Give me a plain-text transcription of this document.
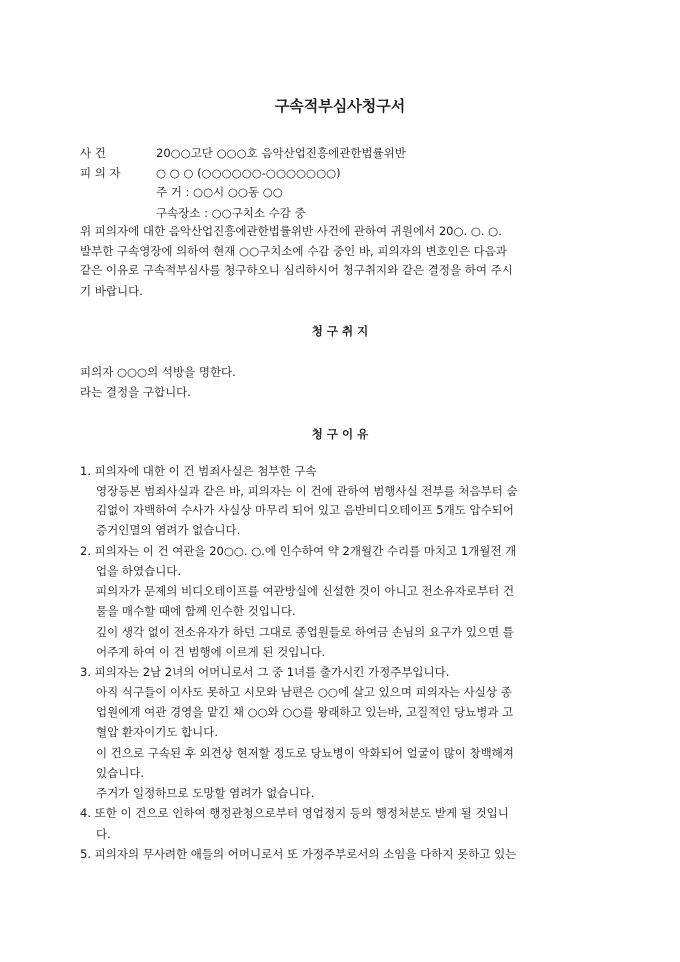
구속적부심사청구서
사 건	20○○고단 ○○○호 음악산업진흥에관한법률위반
피 의 자	○ ○ ○ (○○○○○○-○○○○○○○)
주 거 : ○○시 ○○동 ○○
구속장소 : ○○구치소 수감 중
위 피의자에 대한 음악산업진흥에관한법률위반 사건에 관하여 귀원에서 20○. ○. ○.
발부한 구속영장에 의하여 현재 ○○구치소에 수감 중인 바, 피의자의 변호인은 다음과
같은 이유로 구속적부심사를 청구하오니 심리하시어 청구취지와 같은 결정을 하여 주시
기 바랍니다.
청 구 취 지
피의자 ○○○의 석방을 명한다.
라는 결정을 구합니다.
청 구 이 유
1. 피의자에 대한 이 건 범죄사실은 첨부한 구속
영장등본 범죄사실과 같은 바, 피의자는 이 건에 관하여 범행사실 전부를 처음부터 숨
김없이 자백하여 수사가 사실상 마무리 되어 있고 음반비디오테이프 5개도 압수되어
증거인멸의 염려가 없습니다.
2. 피의자는 이 건 여관을 20○○. ○.에 인수하여 약 2개월간 수리를 마치고 1개월전 개
업을 하였습니다.
피의자가 문제의 비디오테이프를 여관방실에 신설한 것이 아니고 전소유자로부터 건
물을 매수할 때에 함께 인수한 것입니다.
깊이 생각 없이 전소유자가 하던 그대로 종업원들로 하여금 손님의 요구가 있으면 틀
어주게 하여 이 건 범행에 이르게 된 것입니다.
3. 피의자는 2남 2녀의 어머니로서 그 중 1녀를 출가시킨 가정주부입니다.
아직 식구들이 이사도 못하고 시모와 남편은 ○○에 살고 있으며 피의자는 사실상 종
업원에게 여관 경영을 맡긴 채 ○○와 ○○를 왕래하고 있는바, 고질적인 당뇨병과 고
혈압 환자이기도 합니다.
이 건으로 구속된 후 외견상 현저할 정도로 당뇨병이 악화되어 얼굴이 많이 창백해져
있습니다.
주거가 일정하므로 도망할 염려가 없습니다.
4. 또한 이 건으로 인하여 행정관청으로부터 영업정지 등의 행정처분도 받게 될 것입니
다.
5. 피의자의 무사려한 애들의 어머니로서 또 가정주부로서의 소임을 다하지 못하고 있는
